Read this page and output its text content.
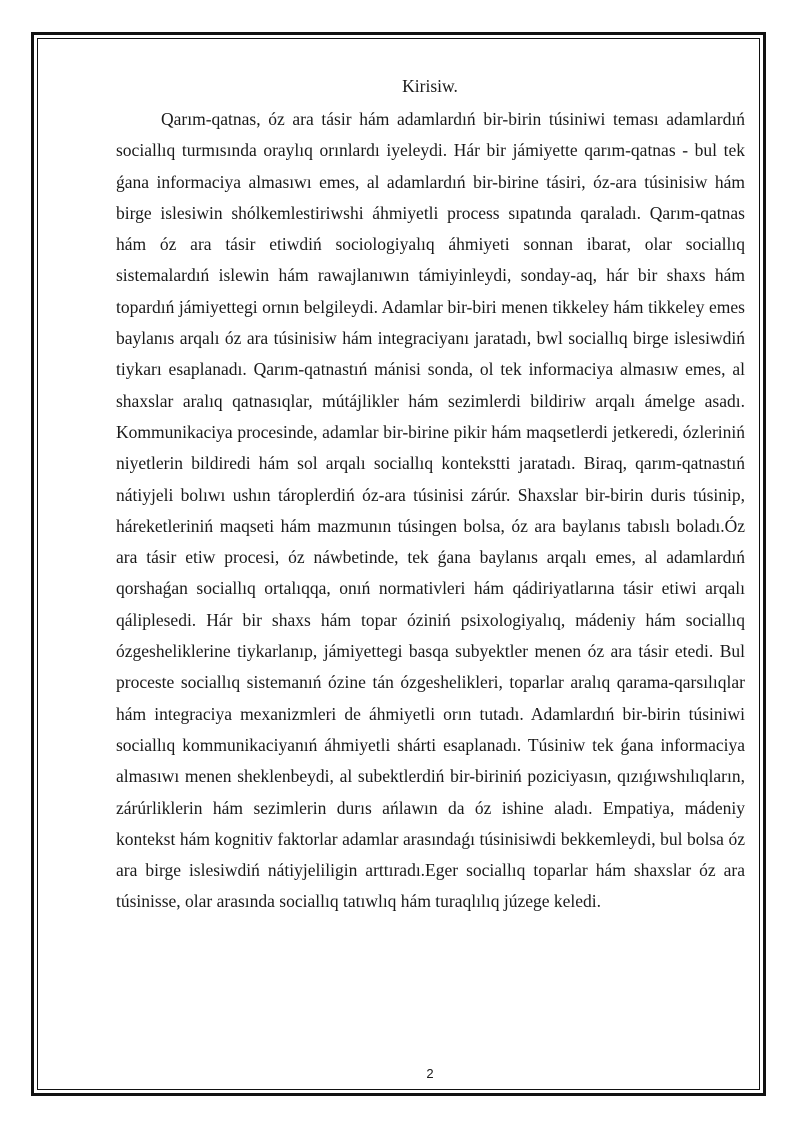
Kirisiw.

Qarım-qatnas, óz ara tásir hám adamlardıń bir-birin túsiniwi teması adamlardıń sociallıq turmısında oraylıq orınlardı iyeleydi. Hár bir jámiyette qarım-qatnas - bul tek ǵana informaciya almasıwı emes, al adamlardıń bir-birine tásiri, óz-ara túsinisiw hám birge islesiwin shólkemlestiriwshi áhmiyetli process sıpatında qaraladı. Qarım-qatnas hám óz ara tásir etiwdiń sociologiyalıq áhmiyeti sonnan ibarat, olar sociallıq sistemalardıń islewin hám rawajlanıwın támiyinleydi, sonday-aq, hár bir shaxs hám topardıń jámiyettegi ornın belgileydi. Adamlar bir-biri menen tikkeley hám tikkeley emes baylanıs arqalı óz ara túsinisiw hám integraciyanı jaratadı, bwl sociallıq birge islesiwdiń tiykarı esaplanadı. Qarım-qatnastıń mánisi sonda, ol tek informaciya almasıw emes, al shaxslar aralıq qatnasıqlar, mútájlikler hám sezimlerdi bildiriw arqalı ámelge asadı. Kommunikaciya procesinde, adamlar bir-birine pikir hám maqsetlerdi jetkeredi, ózleriniń niyetlerin bildiredi hám sol arqalı sociallıq kontekstti jaratadı. Biraq, qarım-qatnastıń nátiyjeli bolıwı ushın tároplerdiń óz-ara túsinisi zárúr. Shaxslar bir-birin duris túsinip, háreketleriniń maqseti hám mazmunın túsingen bolsa, óz ara baylanıs tabıslı boladı.Óz ara tásir etiw procesi, óz náwbetinde, tek ǵana baylanıs arqalı emes, al adamlardıń qorshaǵan sociallıq ortalıqqa, onıń normativleri hám qádiriyatlarına tásir etiwi arqalı qáliplesedi. Hár bir shaxs hám topar óziniń psixologiyalıq, mádeniy hám sociallıq ózgesheliklerine tiykarlanıp, jámiyettegi basqa subyektler menen óz ara tásir etedi. Bul proceste sociallıq sistemanıń ózine tán ózgeshelikleri, toparlar aralıq qarama-qarsılıqlar hám integraciya mexanizmleri de áhmiyetli orın tutadı. Adamlardıń bir-birin túsiniwi sociallıq kommunikaciyanıń áhmiyetli shárti esaplanadı. Túsiniw tek ǵana informaciya almasıwı menen sheklenbeydi, al subektlerdiń bir-biriniń poziciyasın, qızıǵıwshılıqların, zárúrliklerin hám sezimlerin durıs ańlawın da óz ishine aladı. Empatiya, mádeniy kontekst hám kognitiv faktorlar adamlar arasındaǵı túsinisiwdi bekkemleydi, bul bolsa óz ara birge islesiwdiń nátiyjeliligin arttıradı.Eger sociallıq toparlar hám shaxslar óz ara túsinisse, olar arasında sociallıq tatıwlıq hám turaqlılıq júzege keledi.

2
